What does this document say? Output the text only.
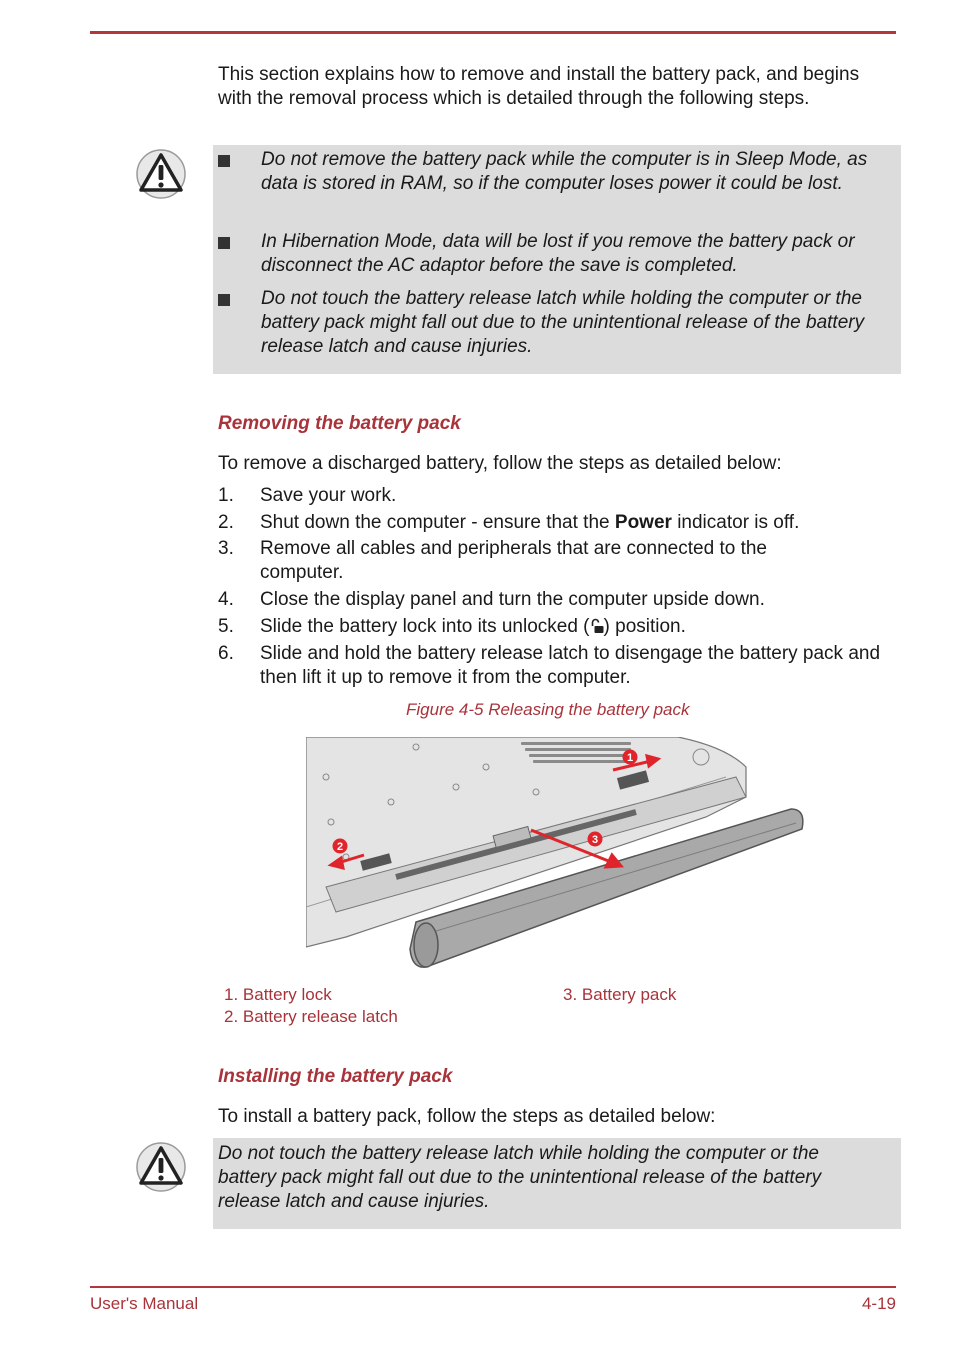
This section explains how to remove and install the battery pack, and begins with the removal process which is detailed through the following steps.
Do not remove the battery pack while the computer is in Sleep Mode, as data is stored in RAM, so if the computer loses power it could be lost.
In Hibernation Mode, data will be lost if you remove the battery pack or disconnect the AC adaptor before the save is completed.
Do not touch the battery release latch while holding the computer or the battery pack might fall out due to the unintentional release of the battery release latch and cause injuries.
Removing the battery pack
To remove a discharged battery, follow the steps as detailed below:
1. Save your work.
2. Shut down the computer - ensure that the Power indicator is off.
3. Remove all cables and peripherals that are connected to the computer.
4. Close the display panel and turn the computer upside down.
5. Slide the battery lock into its unlocked ( ) position.
6. Slide and hold the battery release latch to disengage the battery pack and then lift it up to remove it from the computer.
Figure 4-5 Releasing the battery pack
1
2
3
1. Battery lock
2. Battery release latch
3. Battery pack
Installing the battery pack
To install a battery pack, follow the steps as detailed below:
Do not touch the battery release latch while holding the computer or the battery pack might fall out due to the unintentional release of the battery release latch and cause injuries.
User's Manual	4-19
